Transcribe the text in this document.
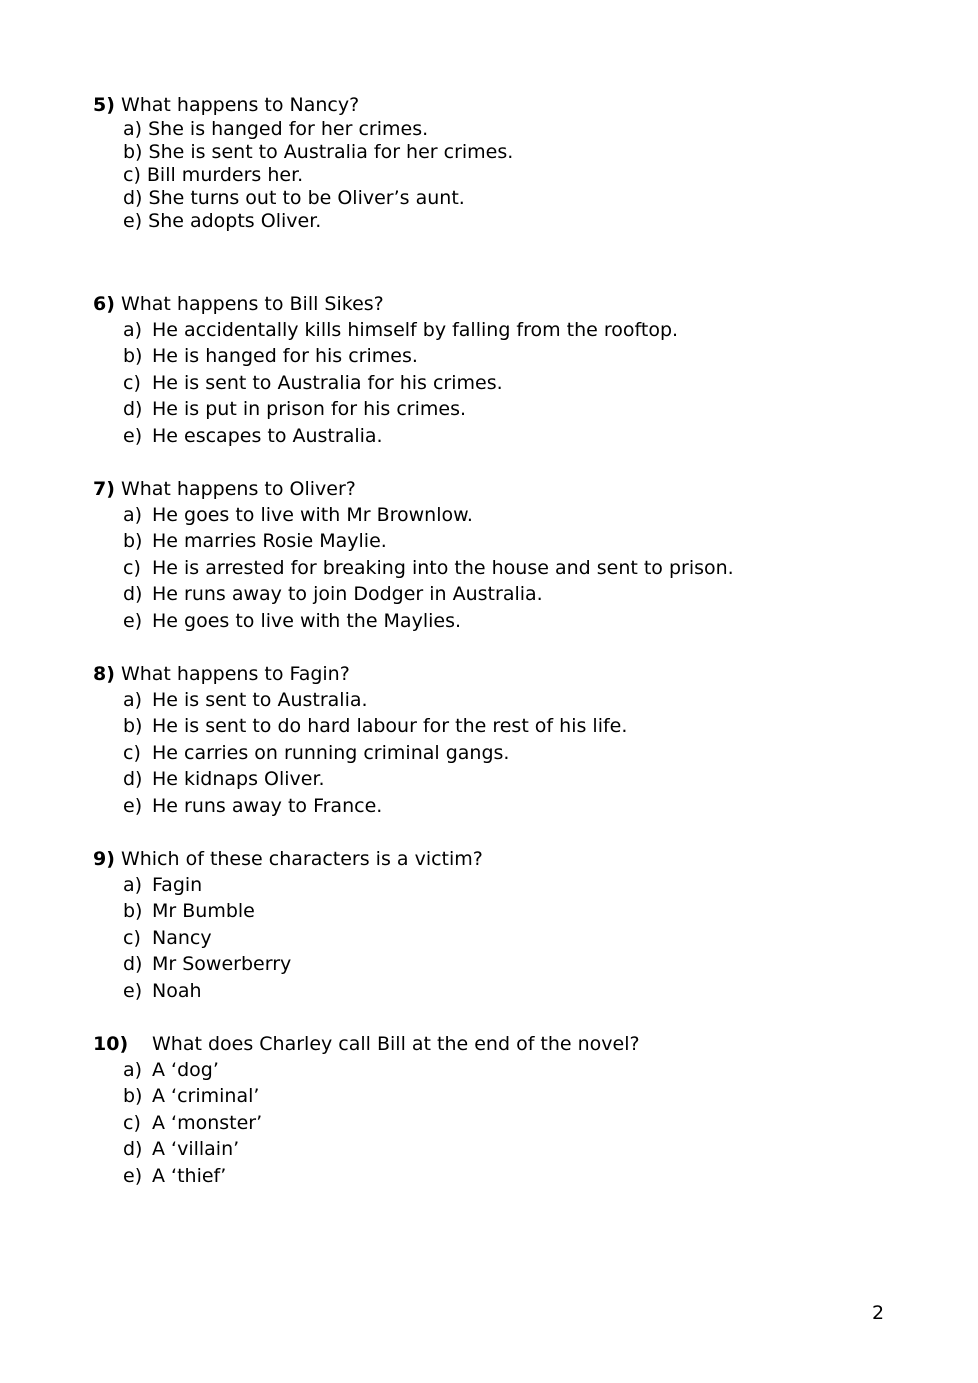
5) What happens to Nancy?
a) She is hanged for her crimes.
b) She is sent to Australia for her crimes.
c) Bill murders her.
d) She turns out to be Oliver’s aunt.
e) She adopts Oliver.
6) What happens to Bill Sikes?
a) He accidentally kills himself by falling from the rooftop.
b) He is hanged for his crimes.
c) He is sent to Australia for his crimes.
d) He is put in prison for his crimes.
e) He escapes to Australia.
7) What happens to Oliver?
a) He goes to live with Mr Brownlow.
b) He marries Rosie Maylie.
c) He is arrested for breaking into the house and sent to prison.
d) He runs away to join Dodger in Australia.
e) He goes to live with the Maylies.
8) What happens to Fagin?
a) He is sent to Australia.
b) He is sent to do hard labour for the rest of his life.
c) He carries on running criminal gangs.
d) He kidnaps Oliver.
e) He runs away to France.
9) Which of these characters is a victim?
a) Fagin
b) Mr Bumble
c) Nancy
d) Mr Sowerberry
e) Noah
10) What does Charley call Bill at the end of the novel?
a) A ‘dog’
b) A ‘criminal’
c) A ‘monster’
d) A ‘villain’
e) A ‘thief’
2
